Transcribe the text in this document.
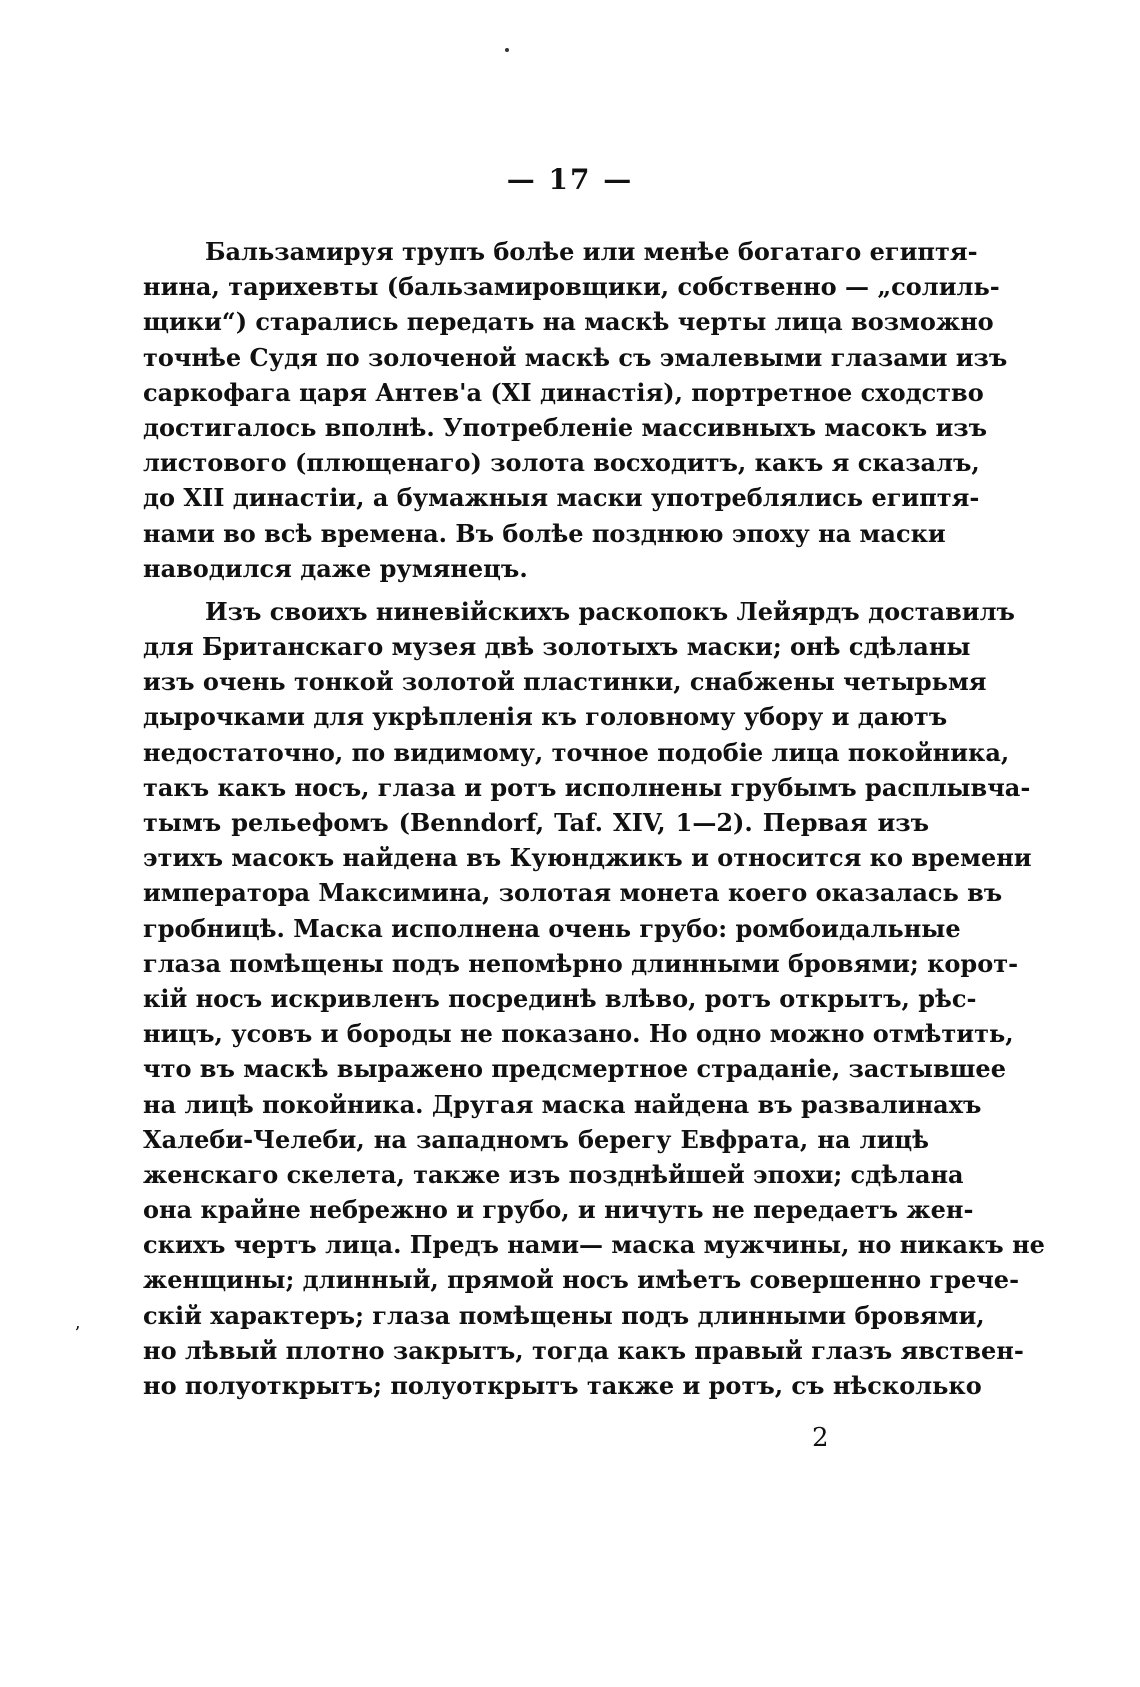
— 17 —
Бальзамируя трупъ болѣе или менѣе богатаго египтя-
нина, тарихевты (бальзамировщики, собственно — „солиль-
щики“) старались передать на маскѣ черты лица возможно
точнѣе Судя по золоченой маскѣ съ эмалевыми глазами изъ
саркофага царя Антев'а (XI династія), портретное сходство
достигалось вполнѣ. Употребленіе массивныхъ масокъ изъ
листового (плющенаго) золота восходитъ, какъ я сказалъ,
до XII династіи, а бумажныя маски употреблялись египтя-
нами во всѣ времена. Въ болѣе позднюю эпоху на маски
наводился даже румянецъ.
Изъ своихъ ниневійскихъ раскопокъ Лейярдъ доставилъ
для Британскаго музея двѣ золотыхъ маски; онѣ сдѣланы
изъ очень тонкой золотой пластинки, снабжены четырьмя
дырочками для укрѣпленія къ головному убору и даютъ
недостаточно, по видимому, точное подобіе лица покойника,
такъ какъ носъ, глаза и ротъ исполнены грубымъ расплывча-
тымъ рельефомъ (Benndorf, Taf. XIV, 1—2). Первая изъ
этихъ масокъ найдена въ Куюнджикъ и относится ко времени
императора Максимина, золотая монета коего оказалась въ
гробницѣ. Маска исполнена очень грубо: ромбоидальные
глаза помѣщены подъ непомѣрно длинными бровями; корот-
кій носъ искривленъ посрединѣ влѣво, ротъ открытъ, рѣс-
ницъ, усовъ и бороды не показано. Но одно можно отмѣтить,
что въ маскѣ выражено предсмертное страданіе, застывшее
на лицѣ покойника. Другая маска найдена въ развалинахъ
Халеби-Челеби, на западномъ берегу Евфрата, на лицѣ
женскаго скелета, также изъ позднѣйшей эпохи; сдѣлана
она крайне небрежно и грубо, и ничуть не передаетъ жен-
скихъ чертъ лица. Предъ нами— маска мужчины, но никакъ не
женщины; длинный, прямой носъ имѣетъ совершенно грече-
скій характеръ; глаза помѣщены подъ длинными бровями,
но лѣвый плотно закрытъ, тогда какъ правый глазъ явствен-
но полуоткрытъ; полуоткрытъ также и ротъ, съ нѣсколько
ʼ
2
